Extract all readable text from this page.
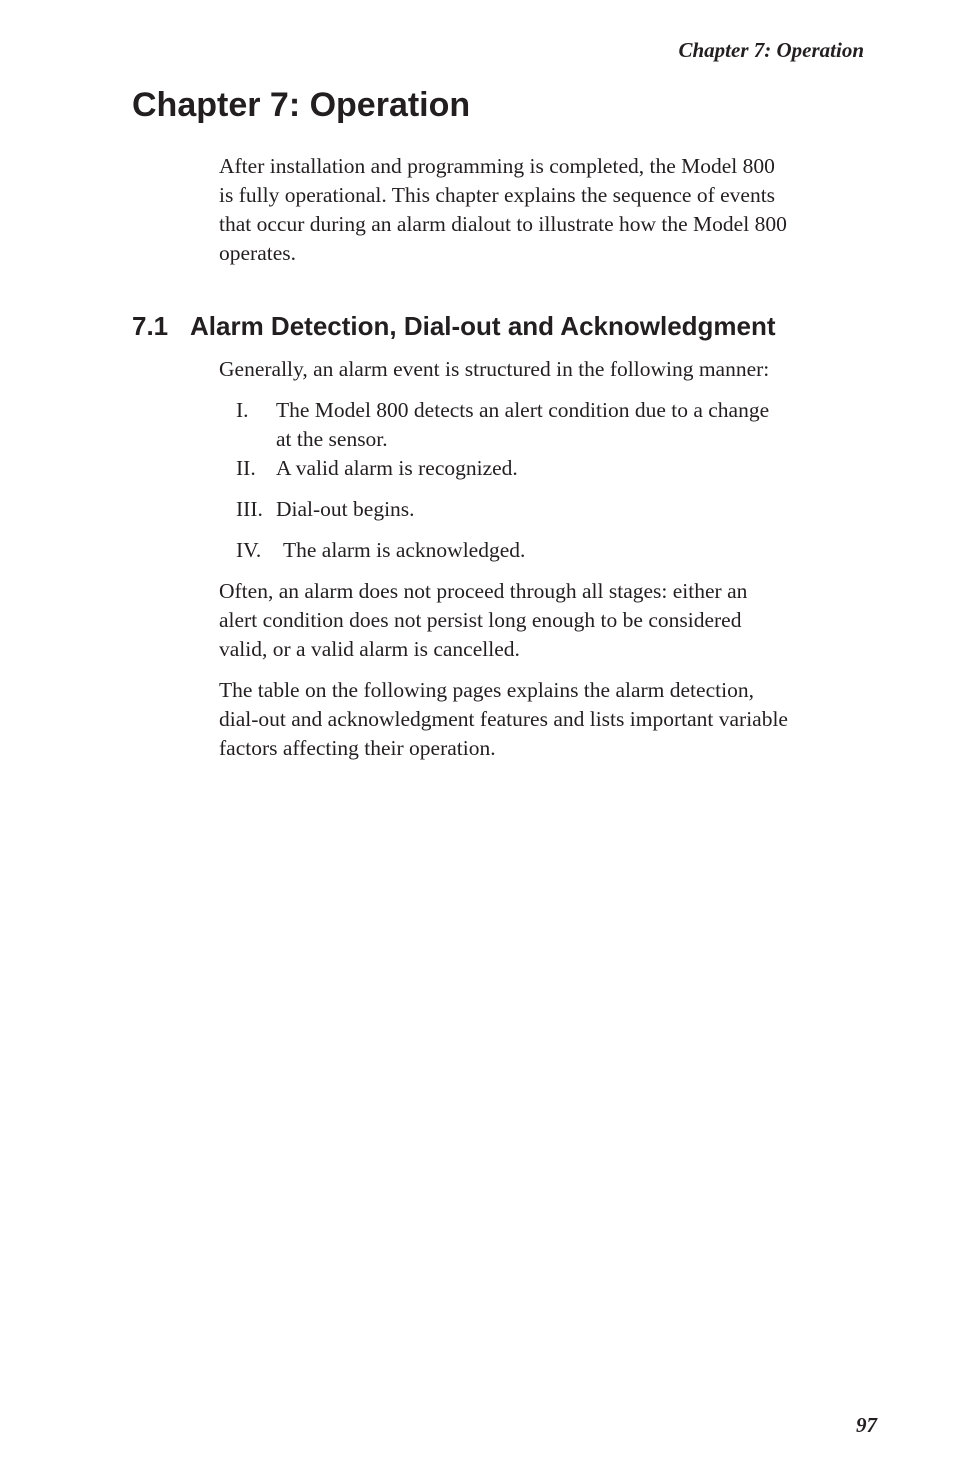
Chapter 7: Operation
Chapter 7: Operation
After installation and programming is completed, the Model 800
is fully operational. This chapter explains the sequence of events
that occur during an alarm dialout to illustrate how the Model 800
operates.
7.1 Alarm Detection, Dial-out and Acknowledgment
Generally, an alarm event is structured in the following manner:
I. The Model 800 detects an alert condition due to a change
at the sensor.
II. A valid alarm is recognized.
III. Dial-out begins.
IV. The alarm is acknowledged.
Often, an alarm does not proceed through all stages: either an
alert condition does not persist long enough to be considered
valid, or a valid alarm is cancelled.
The table on the following pages explains the alarm detection,
dial-out and acknowledgment features and lists important variable
factors affecting their operation.
97
